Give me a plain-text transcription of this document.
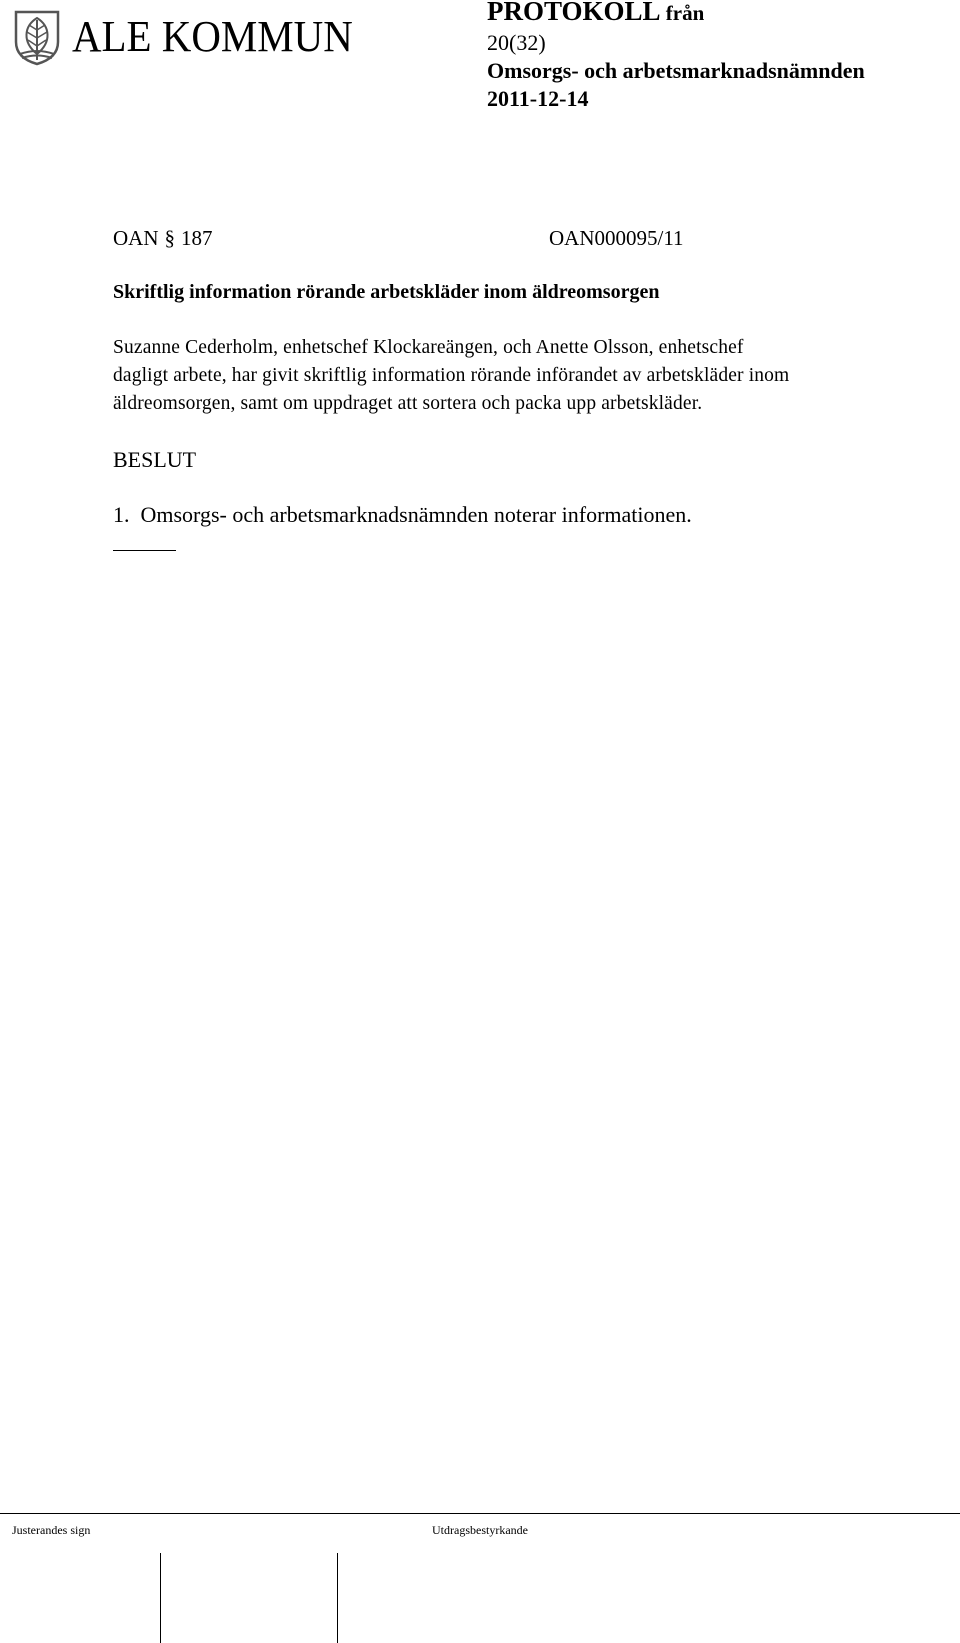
ALE KOMMUN
PROTOKOLL från
20(32)
Omsorgs- och arbetsmarknadsnämnden
2011-12-14
OAN § 187	OAN000095/11
Skriftlig information rörande arbetskläder inom äldreomsorgen
Suzanne Cederholm, enhetschef Klockareängen, och Anette Olsson, enhetschef
dagligt arbete, har givit skriftlig information rörande införandet av arbetskläder inom
äldreomsorgen, samt om uppdraget att sortera och packa upp arbetskläder.
BESLUT
1.  Omsorgs- och arbetsmarknadsnämnden noterar informationen.
Justerandes sign	Utdragsbestyrkande
